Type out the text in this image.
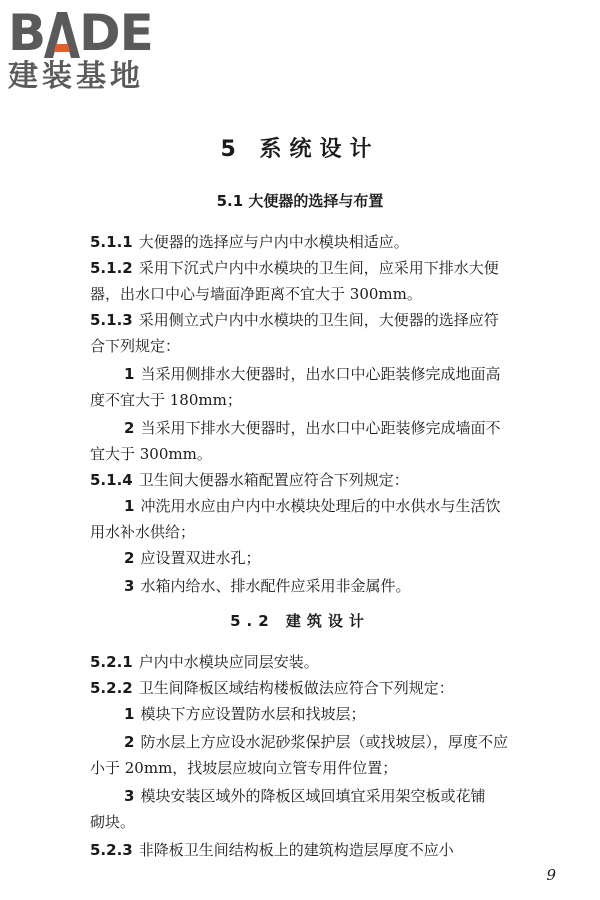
B DE
建装基地
5 系统设计
5.1 大便器的选择与布置
5.2 建筑设计
5.1.1 大便器的选择应与户内中水模块相适应。
5.1.2 采用下沉式户内中水模块的卫生间，应采用下排水大便
器，出水口中心与墙面净距离不宜大于 300mm。
5.1.3 采用侧立式户内中水模块的卫生间，大便器的选择应符
合下列规定：
1 当采用侧排水大便器时，出水口中心距装修完成地面高
度不宜大于 180mm；
2 当采用下排水大便器时，出水口中心距装修完成墙面不
宜大于 300mm。
5.1.4 卫生间大便器水箱配置应符合下列规定：
1 冲洗用水应由户内中水模块处理后的中水供水与生活饮
用水补水供给；
2 应设置双进水孔；
3 水箱内给水、排水配件应采用非金属件。
5.2.1 户内中水模块应同层安装。
5.2.2 卫生间降板区域结构楼板做法应符合下列规定：
1 模块下方应设置防水层和找坡层；
2 防水层上方应设水泥砂浆保护层（或找坡层），厚度不应
小于 20mm，找坡层应坡向立管专用件位置；
3 模块安装区域外的降板区域回填宜采用架空板或花铺
砌块。
5.2.3 非降板卫生间结构板上的建筑构造层厚度不应小
9
